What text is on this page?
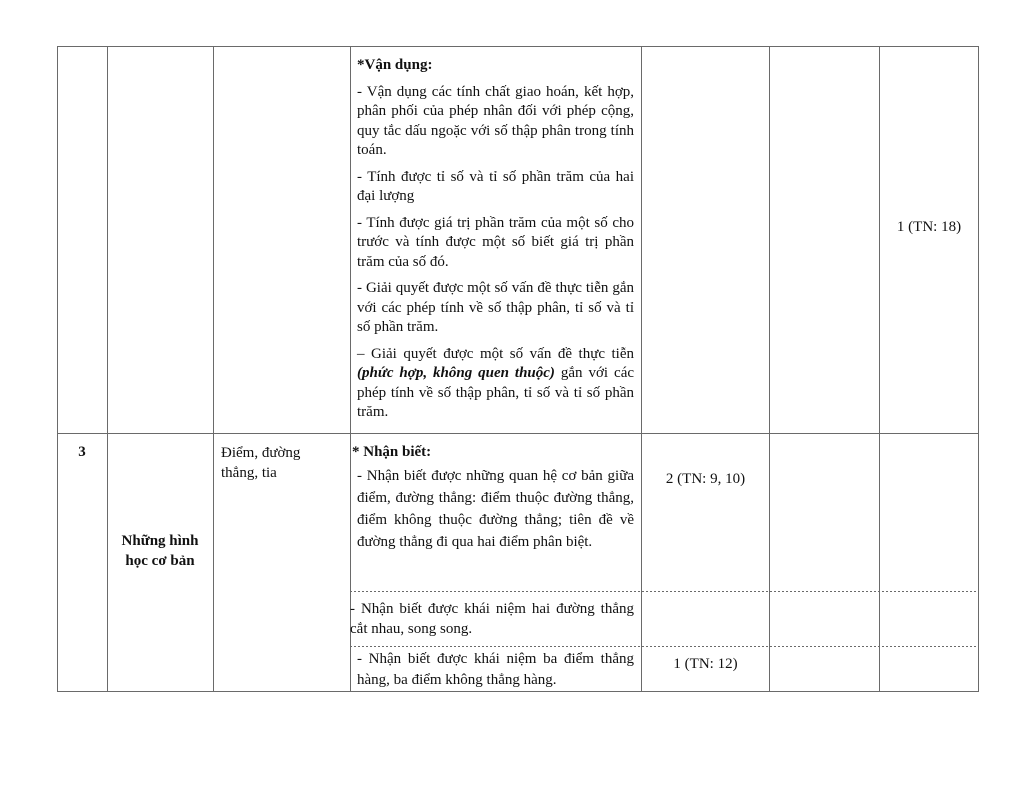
*Vận dụng:
- Vận dụng các tính chất giao hoán, kết hợp, phân phối của phép nhân đối với phép cộng, quy tắc dấu ngoặc với số thập phân trong tính toán.
- Tính được tỉ số và tỉ số phần trăm của hai đại lượng
- Tính được giá trị phần trăm của một số cho trước và tính được một số biết giá trị phần trăm của số đó.
- Giải quyết được một số vấn đề thực tiễn gắn với các phép tính về số thập phân, tỉ số và tỉ số phần trăm.
– Giải quyết được một số vấn đề thực tiễn (phức hợp, không quen thuộc) gắn với các phép tính về số thập phân, tỉ số và tỉ số phần trăm.
1 (TN: 18)
3
Những hình học cơ bản
Điểm, đường thẳng, tia
* Nhận biết:
- Nhận biết được những quan hệ cơ bản giữa điểm, đường thẳng: điểm thuộc đường thẳng, điểm không thuộc đường thẳng; tiên đề về đường thẳng đi qua hai điểm phân biệt.
2 (TN: 9, 10)
- Nhận biết được khái niệm hai đường thẳng cắt nhau, song song.
- Nhận biết được khái niệm ba điểm thẳng hàng, ba điểm không thẳng hàng.
1 (TN: 12)
